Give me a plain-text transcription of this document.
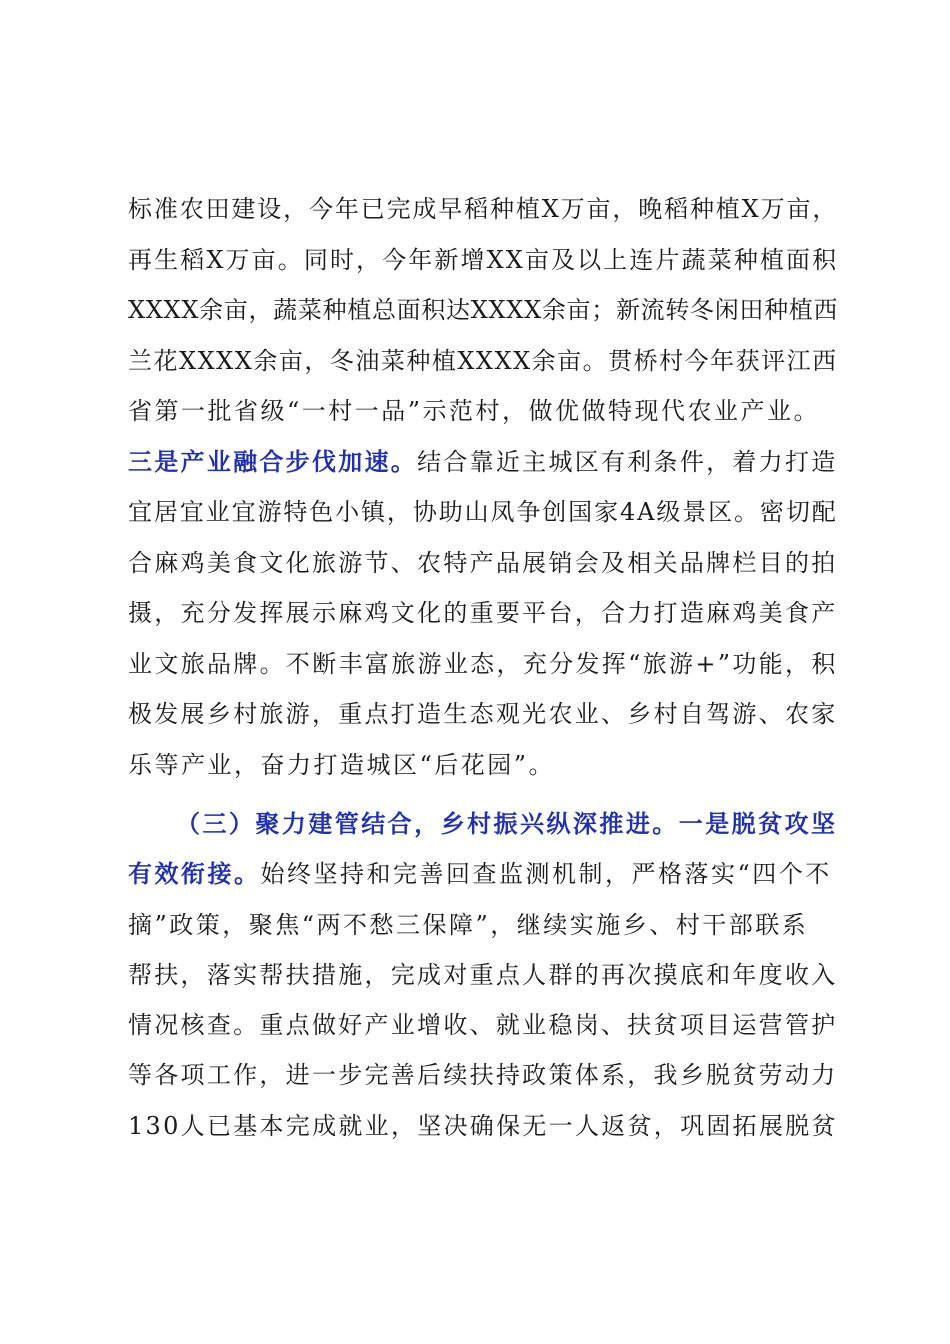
标准农田建设，今年已完成早稻种植X万亩，晚稻种植X万亩，
再生稻X万亩。同时，今年新增XX亩及以上连片蔬菜种植面积
XXXX余亩，蔬菜种植总面积达XXXX余亩；新流转冬闲田种植西
兰花XXXX余亩，冬油菜种植XXXX余亩。贯桥村今年获评江西
省第一批省级“一村一品”示范村，做优做特现代农业产业。
三是产业融合步伐加速。结合靠近主城区有利条件，着力打造
宜居宜业宜游特色小镇，协助山凤争创国家4A级景区。密切配
合麻鸡美食文化旅游节、农特产品展销会及相关品牌栏目的拍
摄，充分发挥展示麻鸡文化的重要平台，合力打造麻鸡美食产
业文旅品牌。不断丰富旅游业态，充分发挥“旅游+”功能，积
极发展乡村旅游，重点打造生态观光农业、乡村自驾游、农家
乐等产业，奋力打造城区“后花园”。
（三）聚力建管结合，乡村振兴纵深推进。一是脱贫攻坚
有效衔接。始终坚持和完善回查监测机制，严格落实“四个不
摘”政策，聚焦“两不愁三保障”，继续实施乡、村干部联系
帮扶，落实帮扶措施，完成对重点人群的再次摸底和年度收入
情况核查。重点做好产业增收、就业稳岗、扶贫项目运营管护
等各项工作，进一步完善后续扶持政策体系，我乡脱贫劳动力
130人已基本完成就业，坚决确保无一人返贫，巩固拓展脱贫
